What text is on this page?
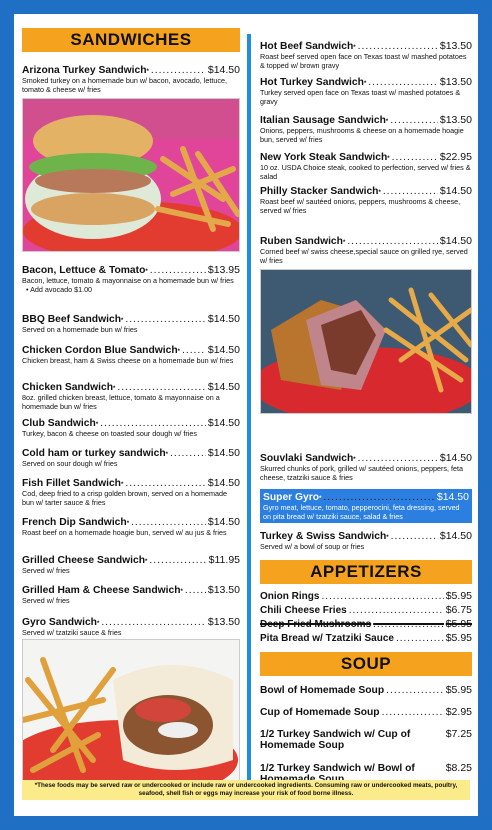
SANDWICHES
Arizona Turkey Sandwich * .....	$14.50
Smoked turkey on a homemade bun w/ bacon, avocado, lettuce, tomato & cheese w/ fries
Bacon, Lettuce & Tomato * .....	$13.95
Bacon, lettuce, tomato & mayonnaise on a homemade bun w/ fries
• Add avocado $1.00
BBQ Beef Sandwich * .....	$14.50
Served on a homemade bun w/ fries
Chicken Cordon Blue Sandwich * .....	$14.50
Chicken breast, ham & Swiss cheese on a homemade bun w/ fries
Chicken Sandwich * .....	$14.50
8oz. grilled chicken breast, lettuce, tomato & mayonnaise on a homemade bun w/ fries
Club Sandwich * .....	$14.50
Turkey, bacon & cheese on toasted sour dough w/ fries
Cold ham or turkey sandwich * .....	$14.50
Served on sour dough w/ fries
Fish Fillet Sandwich * .....	$14.50
Cod, deep fried to a crisp golden brown, served on a homemade bun w/ tarter sauce & fries
French Dip Sandwich * .....	$14.50
Roast beef on a homemade hoagie bun, served w/ au jus & fries
Grilled Cheese Sandwich * .....	$11.95
Served w/ fries
Grilled Ham & Cheese Sandwich * ..... $13.50
Served w/ fries
Gyro Sandwich * .....	$13.50
Served w/ tzatziki sauce & fries
Hot Beef Sandwich * .....	$13.50
Roast beef served open face on Texas toast w/ mashed potatoes & topped w/ brown gravy
Hot Turkey Sandwich * .....	$13.50
Turkey served open face on Texas toast w/ mashed potatoes & gravy
Italian Sausage Sandwich * .....	$13.50
Onions, peppers, mushrooms & cheese on a homemade hoagie bun, served w/ fries
New York Steak Sandwich * .....	$22.95
10 oz. USDA Choice steak, cooked to perfection, served w/ fries & salad
Philly Stacker Sandwich * .....	$14.50
Roast beef w/ sautéed onions, peppers, mushrooms & cheese, served w/ fries
Ruben Sandwich * .....	$14.50
Corned beef w/ swiss cheese,special sauce on grilled rye, served w/ fries
Souvlaki Sandwich * .....	$14.50
Skurred chunks of pork, grilled w/ sautéed onions, peppers, feta cheese, tzatziki sauce & fries
Super Gyro * .....	$14.50
Gyro meat, lettuce, tomato, pepperocini, feta dressing, served on pita bread w/ tzatziki sauce, salad & fries
Turkey & Swiss Sandwich * .....	$14.50
Served w/ a bowl of soup or fries
APPETIZERS
Onion Rings .....	$5.95
Chili Cheese Fries .....	$6.75
Deep Fried Mushrooms .....	$5.95
Pita Bread w/ Tzatziki Sauce .....	$5.95
SOUP
Bowl of Homemade Soup .....	$5.95
Cup of Homemade Soup .....	$2.95
1/2 Turkey Sandwich w/ Cup of Homemade Soup
$7.25
1/2 Turkey Sandwich w/ Bowl of	$8.25
*These foods may be served raw or undercooked or include raw or undercooked ingredients. Consuming raw or undercooked meats, poultry, seafood, shell fish or eggs may increase your risk of food borne illness.
